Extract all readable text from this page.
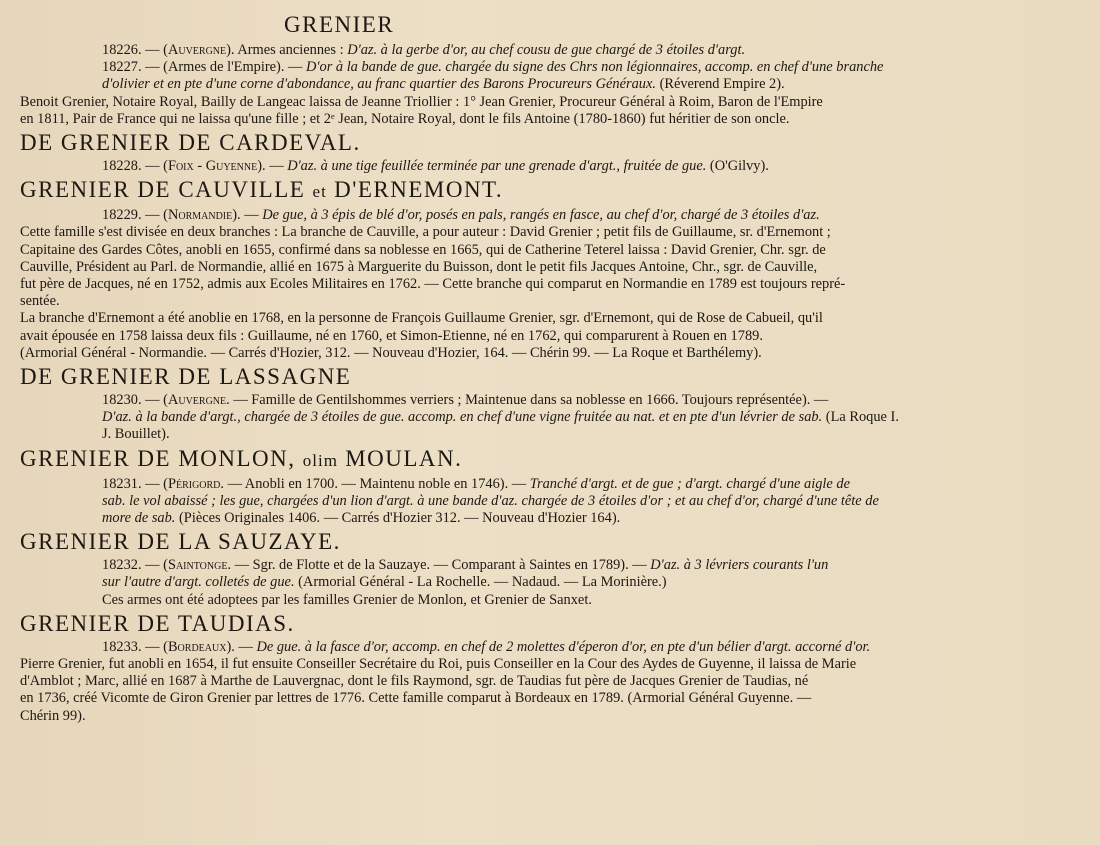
GRENIER

18226. — (Auvergne). Armes anciennes : D'az. à la gerbe d'or, au chef cousu de gue chargé de 3 étoiles d'argt.

18227. — (Armes de l'Empire). — D'or à la bande de gue. chargée du signe des Chrs non légionnaires, accomp. en chef d'une branche

d'olivier et en pte d'une corne d'abondance, au franc quartier des Barons Procureurs Généraux. (Réverend Empire 2).

Benoit Grenier, Notaire Royal, Bailly de Langeac laissa de Jeanne Triollier : 1° Jean Grenier, Procureur Général à Roim, Baron de l'Empire

en 1811, Pair de France qui ne laissa qu'une fille ; et 2ᵉ Jean, Notaire Royal, dont le fils Antoine (1780-1860) fut héritier de son oncle.

DE GRENIER DE CARDEVAL.

18228. — (Foix - Guyenne). — D'az. à une tige feuillée terminée par une grenade d'argt., fruitée de gue. (O'Gilvy).

GRENIER DE CAUVILLE et D'ERNEMONT.

18229. — (Normandie). — De gue, à 3 épis de blé d'or, posés en pals, rangés en fasce, au chef d'or, chargé de 3 étoiles d'az.

Cette famille s'est divisée en deux branches : La branche de Cauville, a pour auteur : David Grenier ; petit fils de Guillaume, sr. d'Ernemont ;

Capitaine des Gardes Côtes, anobli en 1655, confirmé dans sa noblesse en 1665, qui de Catherine Teterel laissa : David Grenier, Chr. sgr. de

Cauville, Président au Parl. de Normandie, allié en 1675 à Marguerite du Buisson, dont le petit fils Jacques Antoine, Chr., sgr. de Cauville,

fut père de Jacques, né en 1752, admis aux Ecoles Militaires en 1762. — Cette branche qui comparut en Normandie en 1789 est toujours repré-

sentée.

La branche d'Ernemont a été anoblie en 1768, en la personne de François Guillaume Grenier, sgr. d'Ernemont, qui de Rose de Cabueil, qu'il

avait épousée en 1758 laissa deux fils : Guillaume, né en 1760, et Simon-Etienne, né en 1762, qui comparurent à Rouen en 1789.

(Armorial Général - Normandie. — Carrés d'Hozier, 312. — Nouveau d'Hozier, 164. — Chérin 99. — La Roque et Barthélemy).

DE GRENIER DE LASSAGNE

18230. — (Auvergne. — Famille de Gentilshommes verriers ; Maintenue dans sa noblesse en 1666. Toujours représentée). —

D'az. à la bande d'argt., chargée de 3 étoiles de gue. accomp. en chef d'une vigne fruitée au nat. et en pte d'un lévrier de sab. (La Roque I.

J. Bouillet).

GRENIER DE MONLON, olim MOULAN.

18231. — (Périgord. — Anobli en 1700. — Maintenu noble en 1746). — Tranché d'argt. et de gue ; d'argt. chargé d'une aigle de

sab. le vol abaissé ; les gue, chargées d'un lion d'argt. à une bande d'az. chargée de 3 étoiles d'or ; et au chef d'or, chargé d'une tête de

more de sab. (Pièces Originales 1406. — Carrés d'Hozier 312. — Nouveau d'Hozier 164).

GRENIER DE LA SAUZAYE.

18232. — (Saintonge. — Sgr. de Flotte et de la Sauzaye. — Comparant à Saintes en 1789). — D'az. à 3 lévriers courants l'un

sur l'autre d'argt. colletés de gue. (Armorial Général - La Rochelle. — Nadaud. — La Morinière.)

Ces armes ont été adoptees par les familles Grenier de Monlon, et Grenier de Sanxet.

GRENIER DE TAUDIAS.

18233. — (Bordeaux). — De gue. à la fasce d'or, accomp. en chef de 2 molettes d'éperon d'or, en pte d'un bélier d'argt. accorné d'or.

Pierre Grenier, fut anobli en 1654, il fut ensuite Conseiller Secrétaire du Roi, puis Conseiller en la Cour des Aydes de Guyenne, il laissa de Marie

d'Amblot ; Marc, allié en 1687 à Marthe de Lauvergnac, dont le fils Raymond, sgr. de Taudias fut père de Jacques Grenier de Taudias, né

en 1736, créé Vicomte de Giron Grenier par lettres de 1776. Cette famille comparut à Bordeaux en 1789. (Armorial Général Guyenne. —

Chérin 99).
